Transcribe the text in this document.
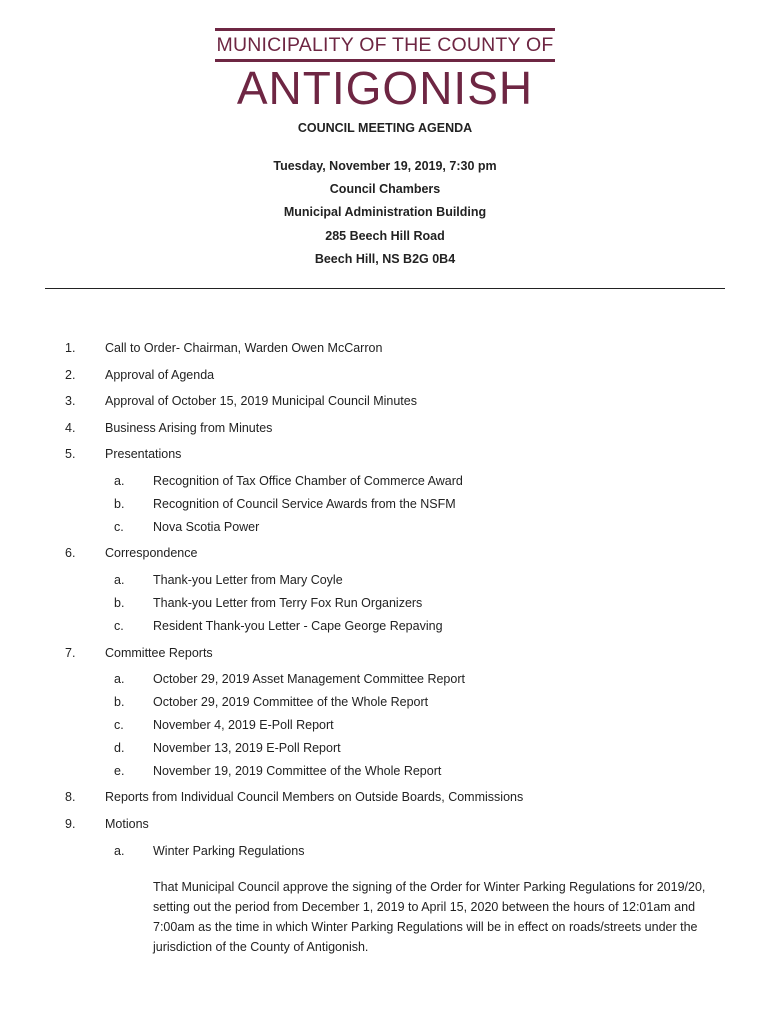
MUNICIPALITY OF THE COUNTY OF
ANTIGONISH
COUNCIL MEETING AGENDA
Tuesday, November 19, 2019, 7:30 pm
Council Chambers
Municipal Administration Building
285 Beech Hill Road
Beech Hill, NS B2G 0B4
1. Call to Order- Chairman, Warden Owen McCarron
2. Approval of Agenda
3. Approval of October 15, 2019 Municipal Council Minutes
4. Business Arising from Minutes
5. Presentations
a. Recognition of Tax Office Chamber of Commerce Award
b. Recognition of Council Service Awards from the NSFM
c. Nova Scotia Power
6. Correspondence
a. Thank-you Letter from Mary Coyle
b. Thank-you Letter from Terry Fox Run Organizers
c. Resident Thank-you Letter - Cape George Repaving
7. Committee Reports
a. October 29, 2019 Asset Management Committee Report
b. October 29, 2019 Committee of the Whole Report
c. November 4, 2019 E-Poll Report
d. November 13, 2019 E-Poll Report
e. November 19, 2019 Committee of the Whole Report
8. Reports from Individual Council Members on Outside Boards, Commissions
9. Motions
a. Winter Parking Regulations
That Municipal Council approve the signing of the Order for Winter Parking Regulations for 2019/20, setting out the period from December 1, 2019 to April 15, 2020 between the hours of 12:01am and 7:00am as the time in which Winter Parking Regulations will be in effect on roads/streets under the jurisdiction of the County of Antigonish.
